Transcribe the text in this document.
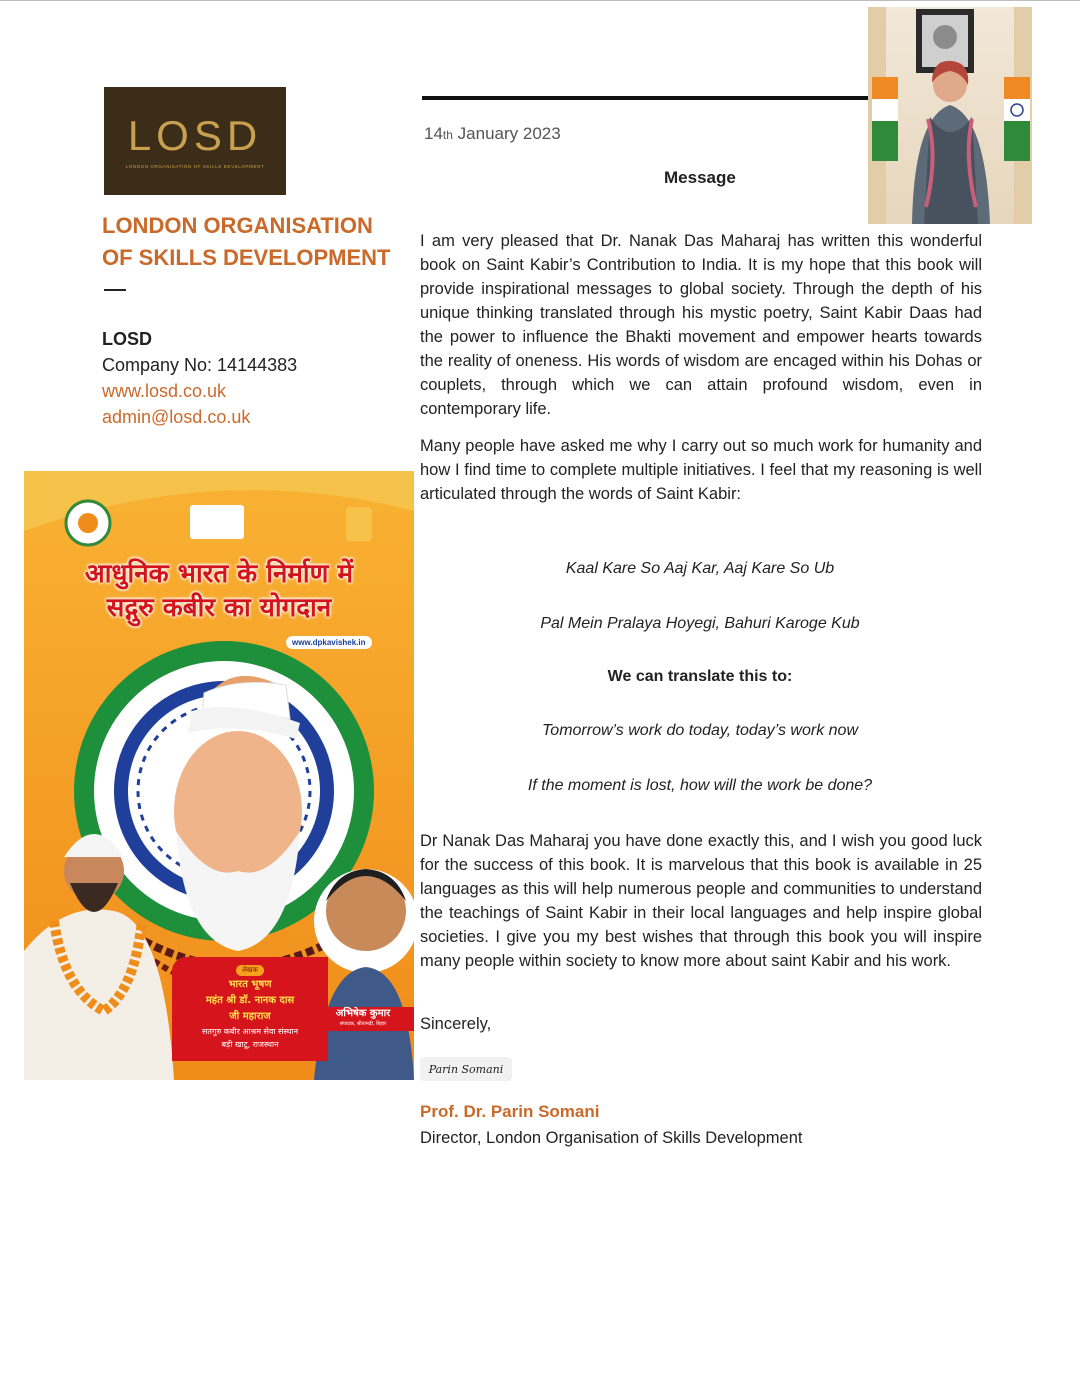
LOSD
LONDON ORGANISATION OF SKILLS DEVELOPMENT
LONDON ORGANISATION OF SKILLS DEVELOPMENT
LOSD
Company No: 14144383
www.losd.co.uk
admin@losd.co.uk
14th January 2023
Message
I am very pleased that Dr. Nanak Das Maharaj has written this wonderful book on Saint Kabir’s Contribution to India. It is my hope that this book will provide inspirational messages to global society. Through the depth of his unique thinking translated through his mystic poetry, Saint Kabir Daas had the power to influence the Bhakti movement and empower hearts towards the reality of oneness. His words of wisdom are encaged within his Dohas or couplets, through which we can attain profound wisdom, even in contemporary life.
Many people have asked me why I carry out so much work for humanity and how I find time to complete multiple initiatives. I feel that my reasoning is well articulated through the words of Saint Kabir:
Kaal Kare So Aaj Kar, Aaj Kare So Ub
Pal Mein Pralaya Hoyegi, Bahuri Karoge Kub
We can translate this to:
Tomorrow’s work do today, today’s work now
If the moment is lost, how will the work be done?
Dr Nanak Das Maharaj you have done exactly this, and I wish you good luck for the success of this book. It is marvelous that this book is available in 25 languages as this will help numerous people and communities to understand the teachings of Saint Kabir in their local languages and help inspire global societies. I give you my best wishes that through this book you will inspire many people within society to know more about saint Kabir and his work.
Sincerely,
Parin Somani
Prof. Dr. Parin Somani
Director, London Organisation of Skills Development
आधुनिक भारत के निर्माण में
सद्गुरु कबीर का योगदान
www.dpkavishek.in
लेखक
भारत भूषण
महंत श्री डॉ. नानक दास
जी महाराज
सतगुरु कबीर आश्रम सेवा संस्थान
बड़ी खाटू, राजस्थान
अभिषेक कुमार
संपादक, सीतामढ़ी, बिहार
